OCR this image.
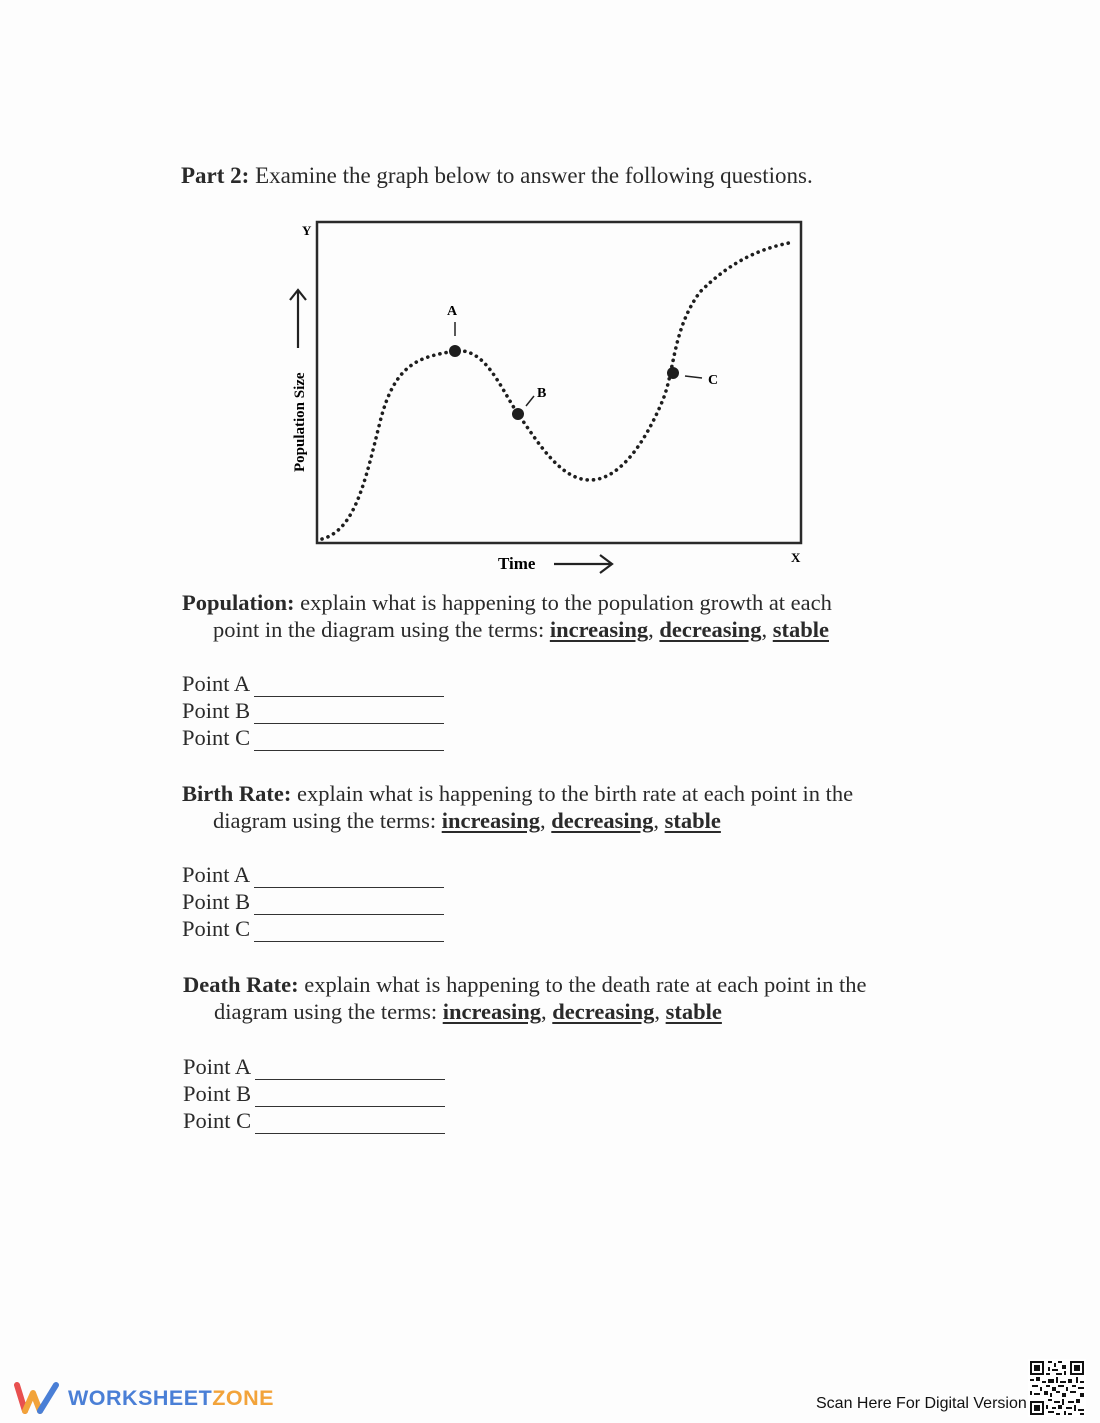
Part 2: Examine the graph below to answer the following questions.
Y
X
Population Size
Time
A
B
C
Population: explain what is happening to the population growth at each
point in the diagram using the terms: increasing, decreasing, stable
Point A
Point B
Point C
Birth Rate: explain what is happening to the birth rate at each point in the
diagram using the terms: increasing, decreasing, stable
Point A
Point B
Point C
Death Rate: explain what is happening to the death rate at each point in the
diagram using the terms: increasing, decreasing, stable
Point A
Point B
Point C
WORKSHEETZONE	Scan Here For Digital Version
